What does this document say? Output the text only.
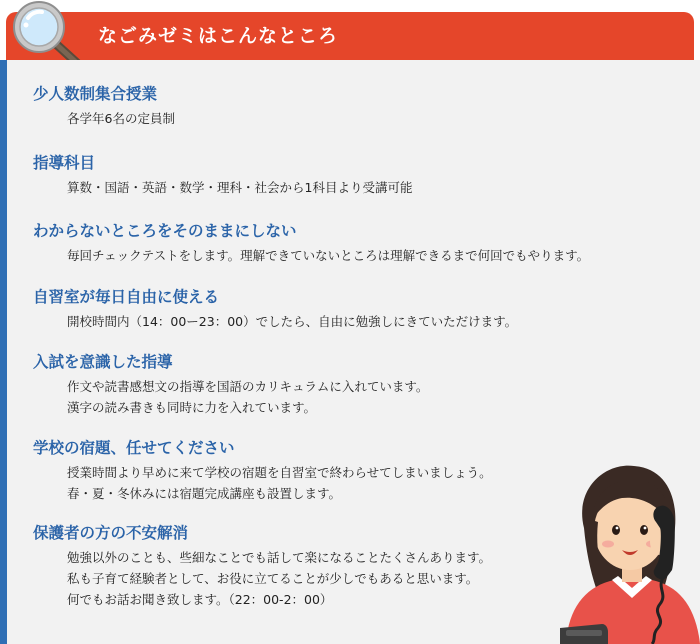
なごみゼミはこんなところ
少人数制集合授業
各学年6名の定員制
指導科目
算数・国語・英語・数学・理科・社会から1科目より受講可能
わからないところをそのままにしない
毎回チェックテストをします。理解できていないところは理解できるまで何回でもやります。
自習室が毎日自由に使える
開校時間内（14：00ー23：00）でしたら、自由に勉強しにきていただけます。
入試を意識した指導
作文や読書感想文の指導を国語のカリキュラムに入れています。
漢字の読み書きも同時に力を入れています。
学校の宿題、任せてください
授業時間より早めに来て学校の宿題を自習室で終わらせてしまいましょう。
春・夏・冬休みには宿題完成講座も設置します。
保護者の方の不安解消
勉強以外のことも、些細なことでも話して楽になることたくさんあります。
私も子育て経験者として、お役に立てることが少しでもあると思います。
何でもお話お聞き致します。（22：00-2：00）
